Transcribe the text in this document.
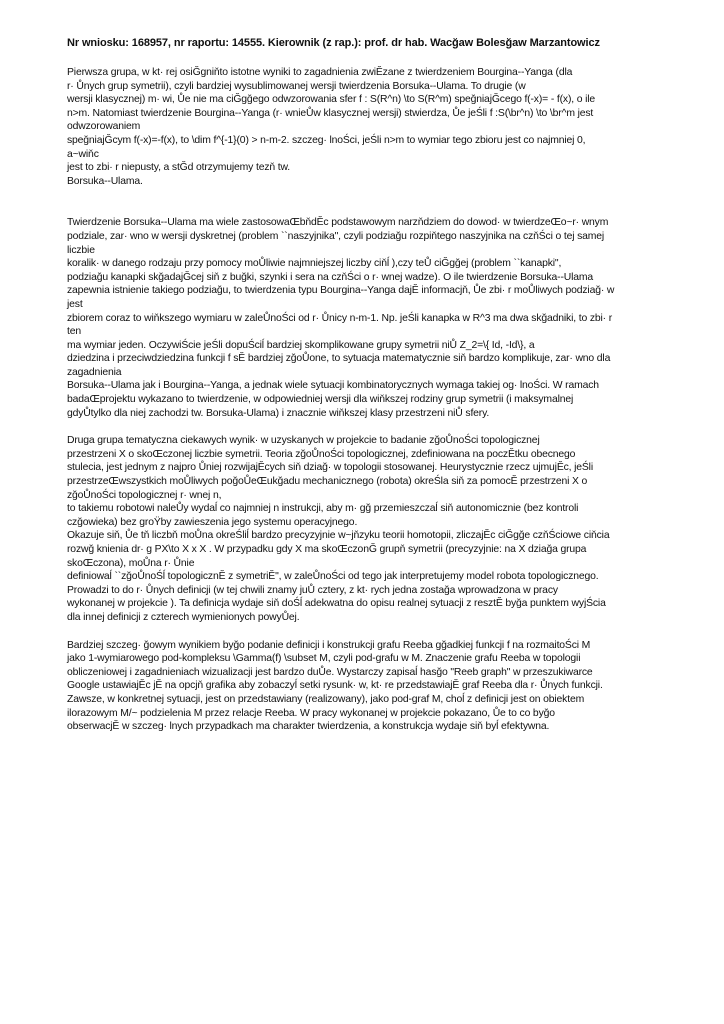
Nr wniosku: 168957, nr raportu: 14555. Kierownik (z rap.): prof. dr hab. Wacğaw Bolesğaw Marzantowicz
Pierwsza grupa, w kt· rej osiĞgniňto istotne wyniki to zagadnienia zwiĔzane z twierdzeniem Bourgina--Yanga (dla
r· Ůnych grup symetrii), czyli bardziej wysublimowanej wersji twierdzenia Borsuka--Ulama. To drugie (w
wersji klasycznej) m· wi, Ůe nie ma ciĞgğego odwzorowania sfer f : S(R^n) \to S(R^m) speğniajĞcego f(-x)= - f(x), o ile
n>m. Natomiast twierdzenie Bourgina--Yanga (r· wnieŮw klasycznej wersji) stwierdza, Ůe jeŚli f :S(\br^n) \to \br^m jest
odwzorowaniem
speğniajĞcym f(-x)=-f(x), to \dim f^{-1}(0) > n-m-2. szczeg· lnoŚci, jeŚli n>m to wymiar tego zbioru jest co najmniej 0,
a~wiňc
jest to zbi· r niepusty, a stĞd otrzymujemy tezň tw.
Borsuka--Ulama.
Twierdzenie Borsuka--Ulama ma wiele zastosowaŒbňdĔc podstawowym narzňdziem do dowod· w twierdzeŒo~r· wnym
podziale, zar· wno w wersji dyskretnej (problem ``naszyjnika", czyli podziağu rozpiňtego naszyjnika na czňŚci o tej samej
liczbie
koralik· w danego rodzaju przy pomocy moŮliwie najmniejszej liczby ciňĺ ),czy teŮ ciĞgğej (problem ``kanapki",
podziağu kanapki skğadajĞcej siň z buğki, szynki i sera na czňŚci o r· wnej wadze). O ile twierdzenie Borsuka--Ulama
zapewnia istnienie takiego podziağu, to twierdzenia typu Bourgina--Yanga dajĔ informacjň, Ůe zbi· r moŮliwych podziağ· w
jest
zbiorem coraz to wiňkszego wymiaru w zaleŮnoŚci od r· Ůnicy n-m-1. Np. jeŚli kanapka w R^3 ma dwa skğadniki, to zbi· r
ten
ma wymiar jeden. OczywiŚcie jeŚli dopuŚciĺ bardziej skomplikowane grupy symetrii niŮ Z_2=\{ Id, -Id\}, a
dziedzina i przeciwdziedzina funkcji f sĔ bardziej zğoŮone, to sytuacja matematycznie siň bardzo komplikuje, zar· wno dla
zagadnienia
Borsuka--Ulama jak i Bourgina--Yanga, a jednak wiele sytuacji kombinatorycznych wymaga takiej og· lnoŚci. W ramach
badaŒprojektu wykazano to twierdzenie, w odpowiedniej wersji dla wiňkszej rodziny grup symetrii (i maksymalnej
gdyŮtylko dla niej zachodzi tw. Borsuka-Ulama) i znacznie wiňkszej klasy przestrzeni niŮ sfery.
Druga grupa tematyczna ciekawych wynik· w uzyskanych w projekcie to badanie zğoŮnoŚci topologicznej
przestrzeni X o skoŒczonej liczbie symetrii. Teoria zğoŮnoŚci topologicznej, zdefiniowana na poczĔtku obecnego
stulecia, jest jednym z najpro Ůniej rozwijajĔcych siň dziağ· w topologii stosowanej. Heurystycznie rzecz ujmujĔc, jeŚli
przestrzeŒwszystkich moŮliwych poğoŮeŒukğadu mechanicznego (robota) okreŚla siň za pomocĔ przestrzeni X o
zğoŮnoŚci topologicznej r· wnej n,
to takiemu robotowi naleŮy wydaĺ co najmniej n instrukcji, aby m· gğ przemieszczaĺ siň autonomicznie (bez kontroli
czğowieka) bez groŸby zawieszenia jego systemu operacyjnego.
Okazuje siň, Ůe tň liczbň moŮna okreŚliĺ bardzo precyzyjnie w~jňzyku teorii homotopii, zliczajĔc ciĞgğe czňŚciowe ciňcia
rozwğ knienia dr· g PX\to X x X . W przypadku gdy X ma skoŒczonĞ grupň symetrii (precyzyjnie: na X dziağa grupa
skoŒczona), moŮna r· Ůnie
definiowaĺ ``zğoŮnoŚĺ topologicznĔ z symetriĔ", w zaleŮnoŚci od tego jak interpretujemy model robota topologicznego.
Prowadzi to do r· Ůnych definicji (w tej chwili znamy juŮ cztery, z kt· rych jedna zostağa wprowadzona w pracy
wykonanej w projekcie ). Ta definicja wydaje siň doŚĺ adekwatna do opisu realnej sytuacji z resztĔ byğa punktem wyjŚcia
dla innej definicji z czterech wymienionych powyŮej.
Bardziej szczeg· ğowym wynikiem byğo podanie definicji i konstrukcji grafu Reeba gğadkiej funkcji f na rozmaitoŚci M
jako 1-wymiarowego pod-kompleksu \Gamma(f) \subset M, czyli pod-grafu w M. Znaczenie grafu Reeba w topologii
obliczeniowej i zagadnieniach wizualizacji jest bardzo duŮe. Wystarczy zapisaĺ hasğo "Reeb graph" w przeszukiwarce
Google ustawiajĔc jĔ na opcjň grafika aby zobaczyĺ setki rysunk· w, kt· re przedstawiajĔ graf Reeba dla r· Ůnych funkcji.
Zawsze, w konkretnej sytuacji, jest on przedstawiany (realizowany), jako pod-graf M, choĺ z definicji jest on obiektem
ilorazowym M/~ podzielenia M przez relacje Reeba. W pracy wykonanej w projekcie pokazano, Ůe to co byğo
obserwacjĔ w szczeg· lnych przypadkach ma charakter twierdzenia, a konstrukcja wydaje siň byĺ efektywna.
